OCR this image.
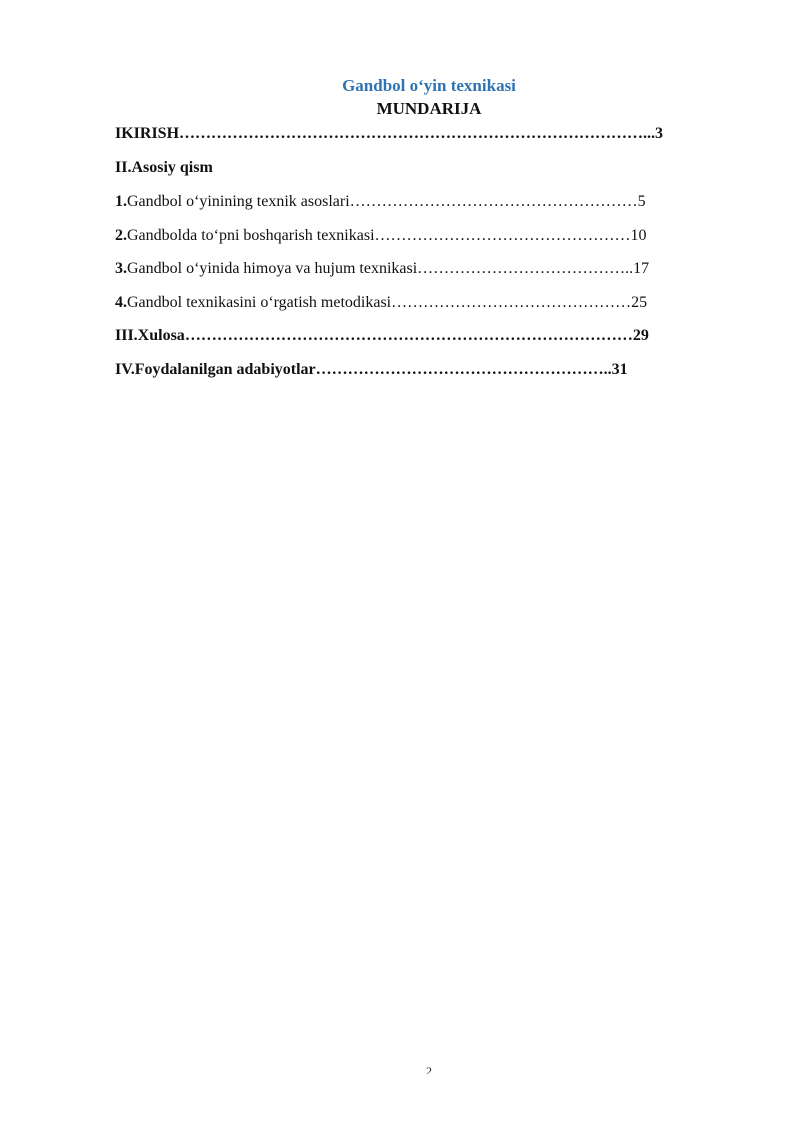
Gandbol o‘yin texnikasi
MUNDARIJA
IKIRISH……………………………………………………………………………...3
II.Asosiy qism
1.Gandbol o‘yinining texnik asoslari………………………………………………5
2.Gandbolda to‘pni boshqarish texnikasi…………………………………………10
3.Gandbol o‘yinida himoya va hujum texnikasi…………………………………..17
4.Gandbol texnikasini o‘rgatish metodikasi………………………………………25
III.Xulosa…………………………………………………………………………29
IV.Foydalanilgan adabiyotlar………………………………………………..31
2
